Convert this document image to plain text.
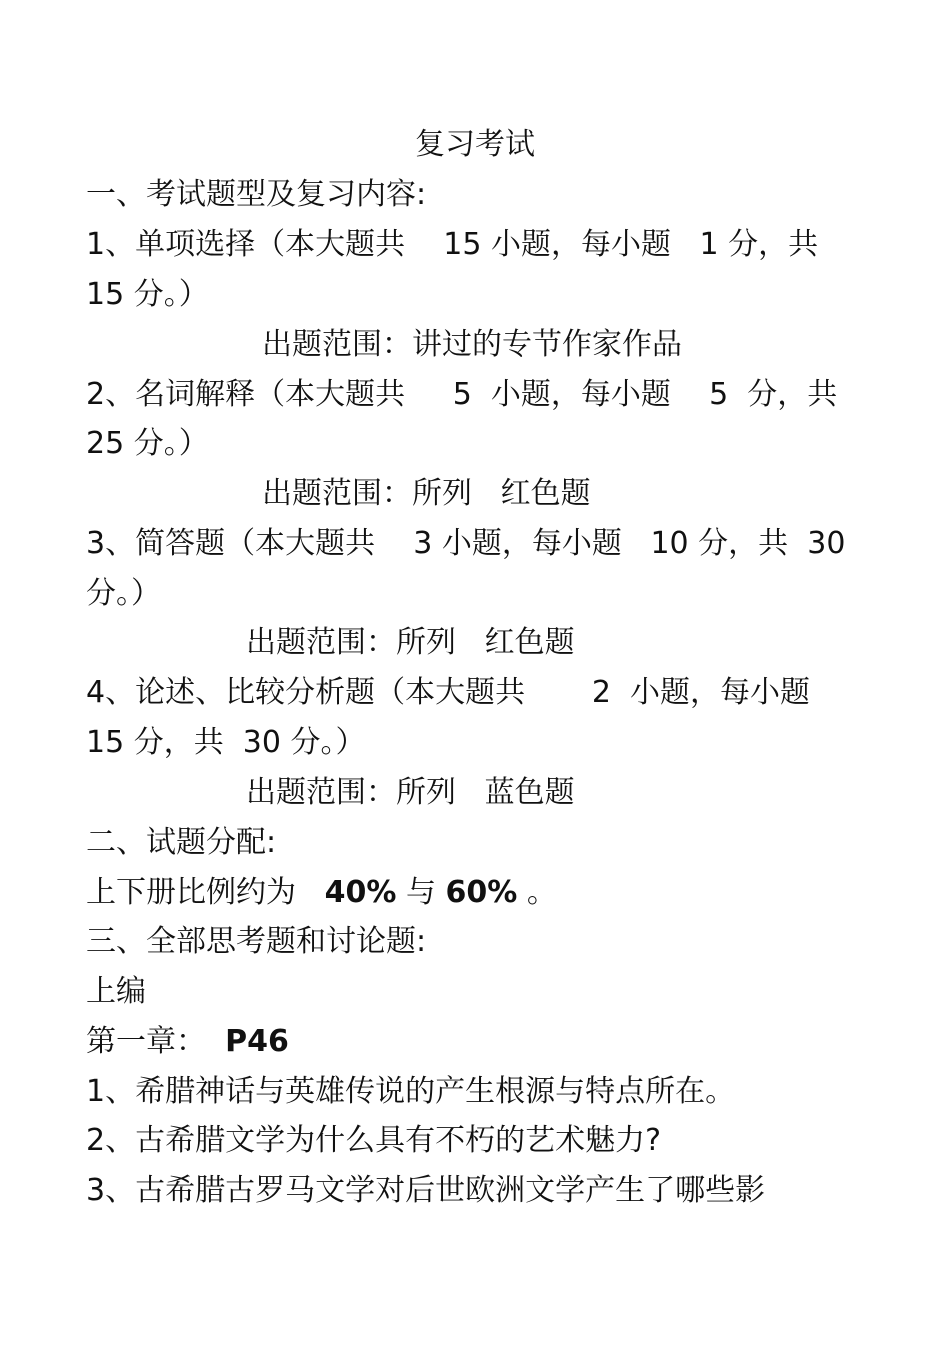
复习考试
一、考试题型及复习内容:
1、单项选择（本大题共    15 小题，每小题   1 分，共
15 分。）
出题范围：讲过的专节作家作品
2、名词解释（本大题共     5  小题，每小题    5  分，共
25 分。）
出题范围：所列   红色题
3、简答题（本大题共    3 小题，每小题   10 分，共  30
分。）
出题范围：所列   红色题
4、论述、比较分析题（本大题共       2  小题，每小题
15 分，共  30 分。）
出题范围：所列   蓝色题
二、试题分配:
上下册比例约为   40% 与 60% 。
三、全部思考题和讨论题:
上编
第一章：  P46
1、希腊神话与英雄传说的产生根源与特点所在。
2、古希腊文学为什么具有不朽的艺术魅力?
3、古希腊古罗马文学对后世欧洲文学产生了哪些影
